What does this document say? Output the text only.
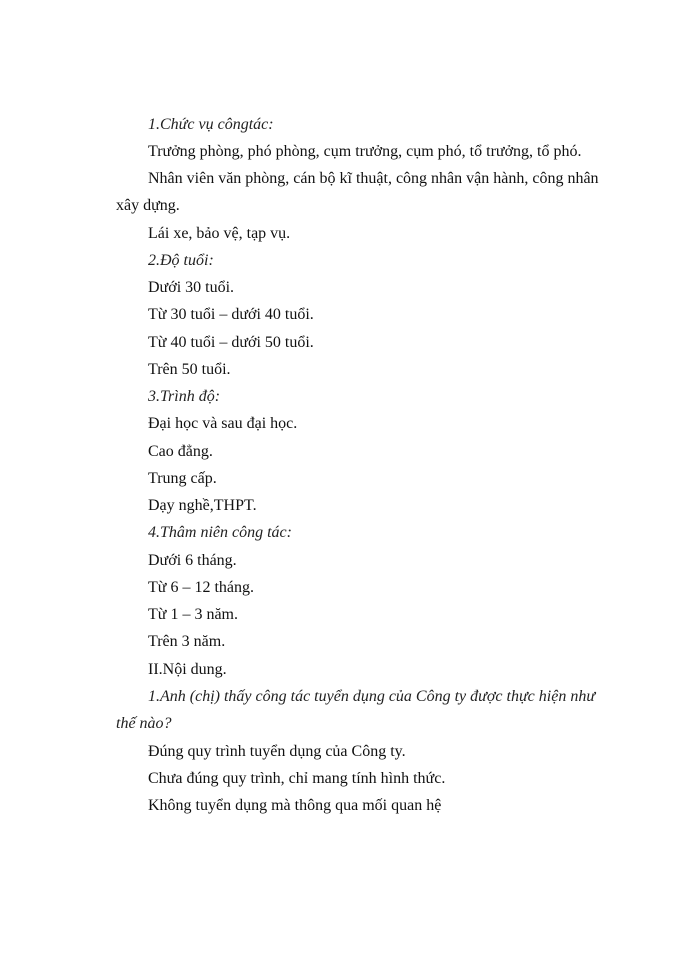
1.Chức vụ côngtác:
Trưởng phòng, phó phòng, cụm trưởng, cụm phó, tổ trưởng, tổ phó.
Nhân viên văn phòng, cán bộ kĩ thuật, công nhân vận hành, công nhân
xây dựng.
Lái xe, bảo vệ, tạp vụ.
2.Độ tuổi:
Dưới 30 tuổi.
Từ 30 tuổi – dưới 40 tuổi.
Từ 40 tuổi – dưới 50 tuổi.
Trên 50 tuổi.
3.Trình độ:
Đại học và sau đại học.
Cao đẳng.
Trung cấp.
Dạy nghề,THPT.
4.Thâm niên công tác:
Dưới 6 tháng.
Từ 6 – 12 tháng.
Từ 1 – 3 năm.
Trên 3 năm.
II.Nội dung.
1.Anh (chị) thấy công tác tuyển dụng của Công ty được thực hiện như
thế nào?
Đúng quy trình tuyển dụng của Công ty.
Chưa đúng quy trình, chỉ mang tính hình thức.
Không tuyển dụng mà thông qua mối quan hệ
